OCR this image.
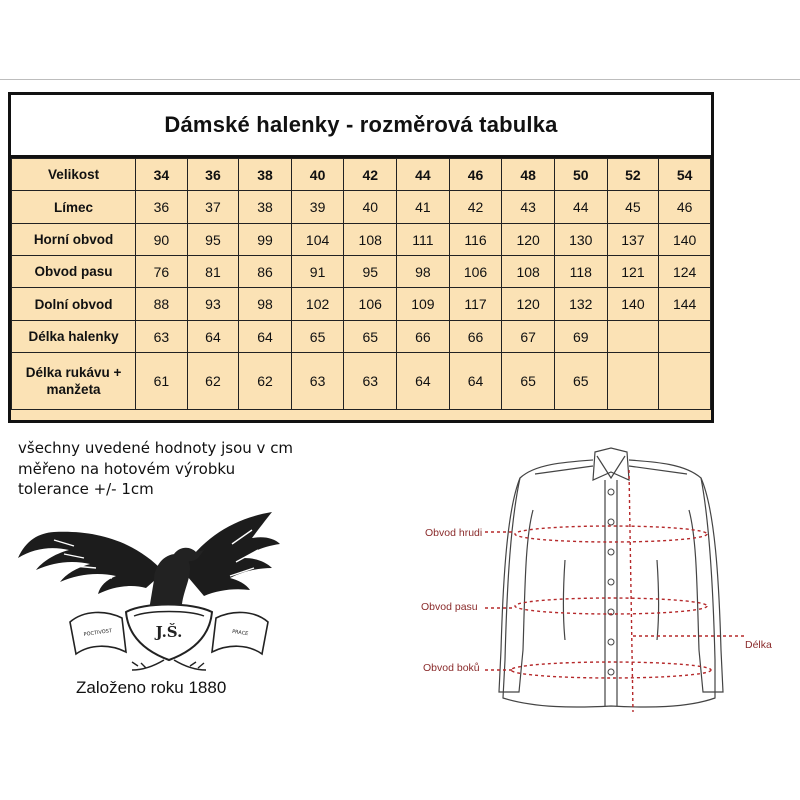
Dámské halenky - rozměrová tabulka
Velikost	34	36	38	40	42	44	46	48	50	52	54
Límec	36	37	38	39	40	41	42	43	44	45	46
Horní obvod	90	95	99	104	108	111	116	120	130	137	140
Obvod pasu	76	81	86	91	95	98	106	108	118	121	124
Dolní obvod	88	93	98	102	106	109	117	120	132	140	144
Délka halenky	63	64	64	65	65	66	66	67	69		
Délka rukávu +
manžeta	61	62	62	63	63	64	64	65	65		
všechny uvedené hodnoty jsou v cm
měřeno na hotovém výrobku
tolerance +/- 1cm
J.Š.
POCTIVOST	PRACE
Založeno roku 1880
Obvod hrudi
Obvod pasu
Obvod boků
Délka
